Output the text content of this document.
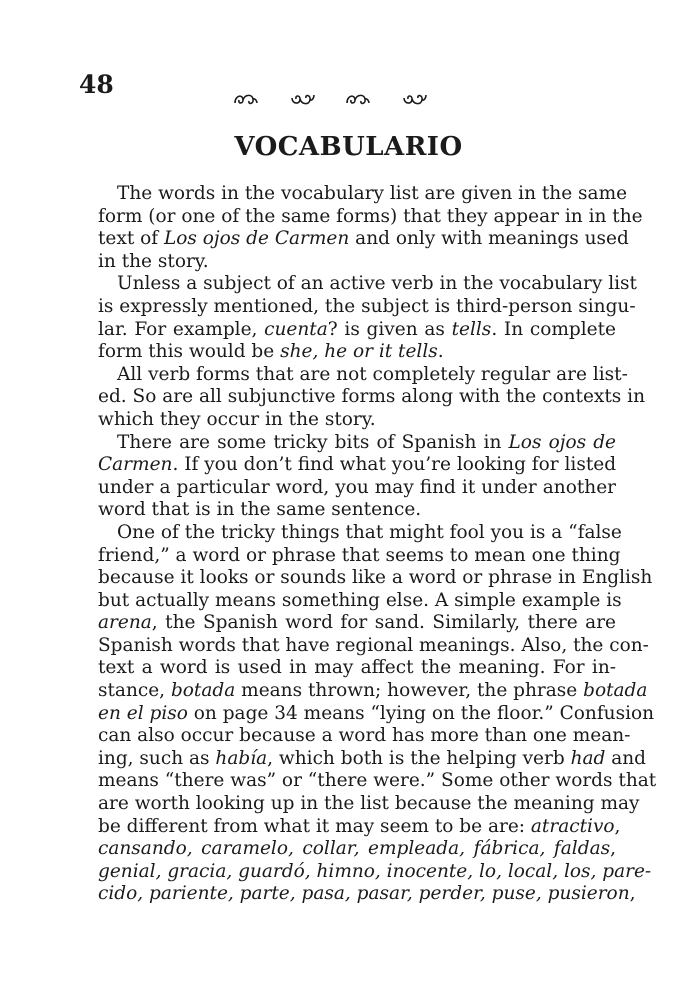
48
VOCABULARIO
The words in the vocabulary list are given in the same
form (or one of the same forms) that they appear in in the
text of Los ojos de Carmen and only with meanings used
in the story.
Unless a subject of an active verb in the vocabulary list
is expressly mentioned, the subject is third-person singu-
lar. For example, cuenta? is given as tells. In complete
form this would be she, he or it tells.
All verb forms that are not completely regular are list-
ed. So are all subjunctive forms along with the contexts in
which they occur in the story.
There are some tricky bits of Spanish in Los ojos de
Carmen. If you don’t find what you’re looking for listed
under a particular word, you may find it under another
word that is in the same sentence.
One of the tricky things that might fool you is a “false
friend,” a word or phrase that seems to mean one thing
because it looks or sounds like a word or phrase in English
but actually means something else. A simple example is
arena, the Spanish word for sand. Similarly, there are
Spanish words that have regional meanings. Also, the con-
text a word is used in may affect the meaning. For in-
stance, botada means thrown; however, the phrase botada
en el piso on page 34 means “lying on the floor.” Confusion
can also occur because a word has more than one mean-
ing, such as había, which both is the helping verb had and
means “there was” or “there were.” Some other words that
are worth looking up in the list because the meaning may
be different from what it may seem to be are: atractivo,
cansando, caramelo, collar, empleada, fábrica, faldas,
genial, gracia, guardó, himno, inocente, lo, local, los, pare-
cido, pariente, parte, pasa, pasar, perder, puse, pusieron,
